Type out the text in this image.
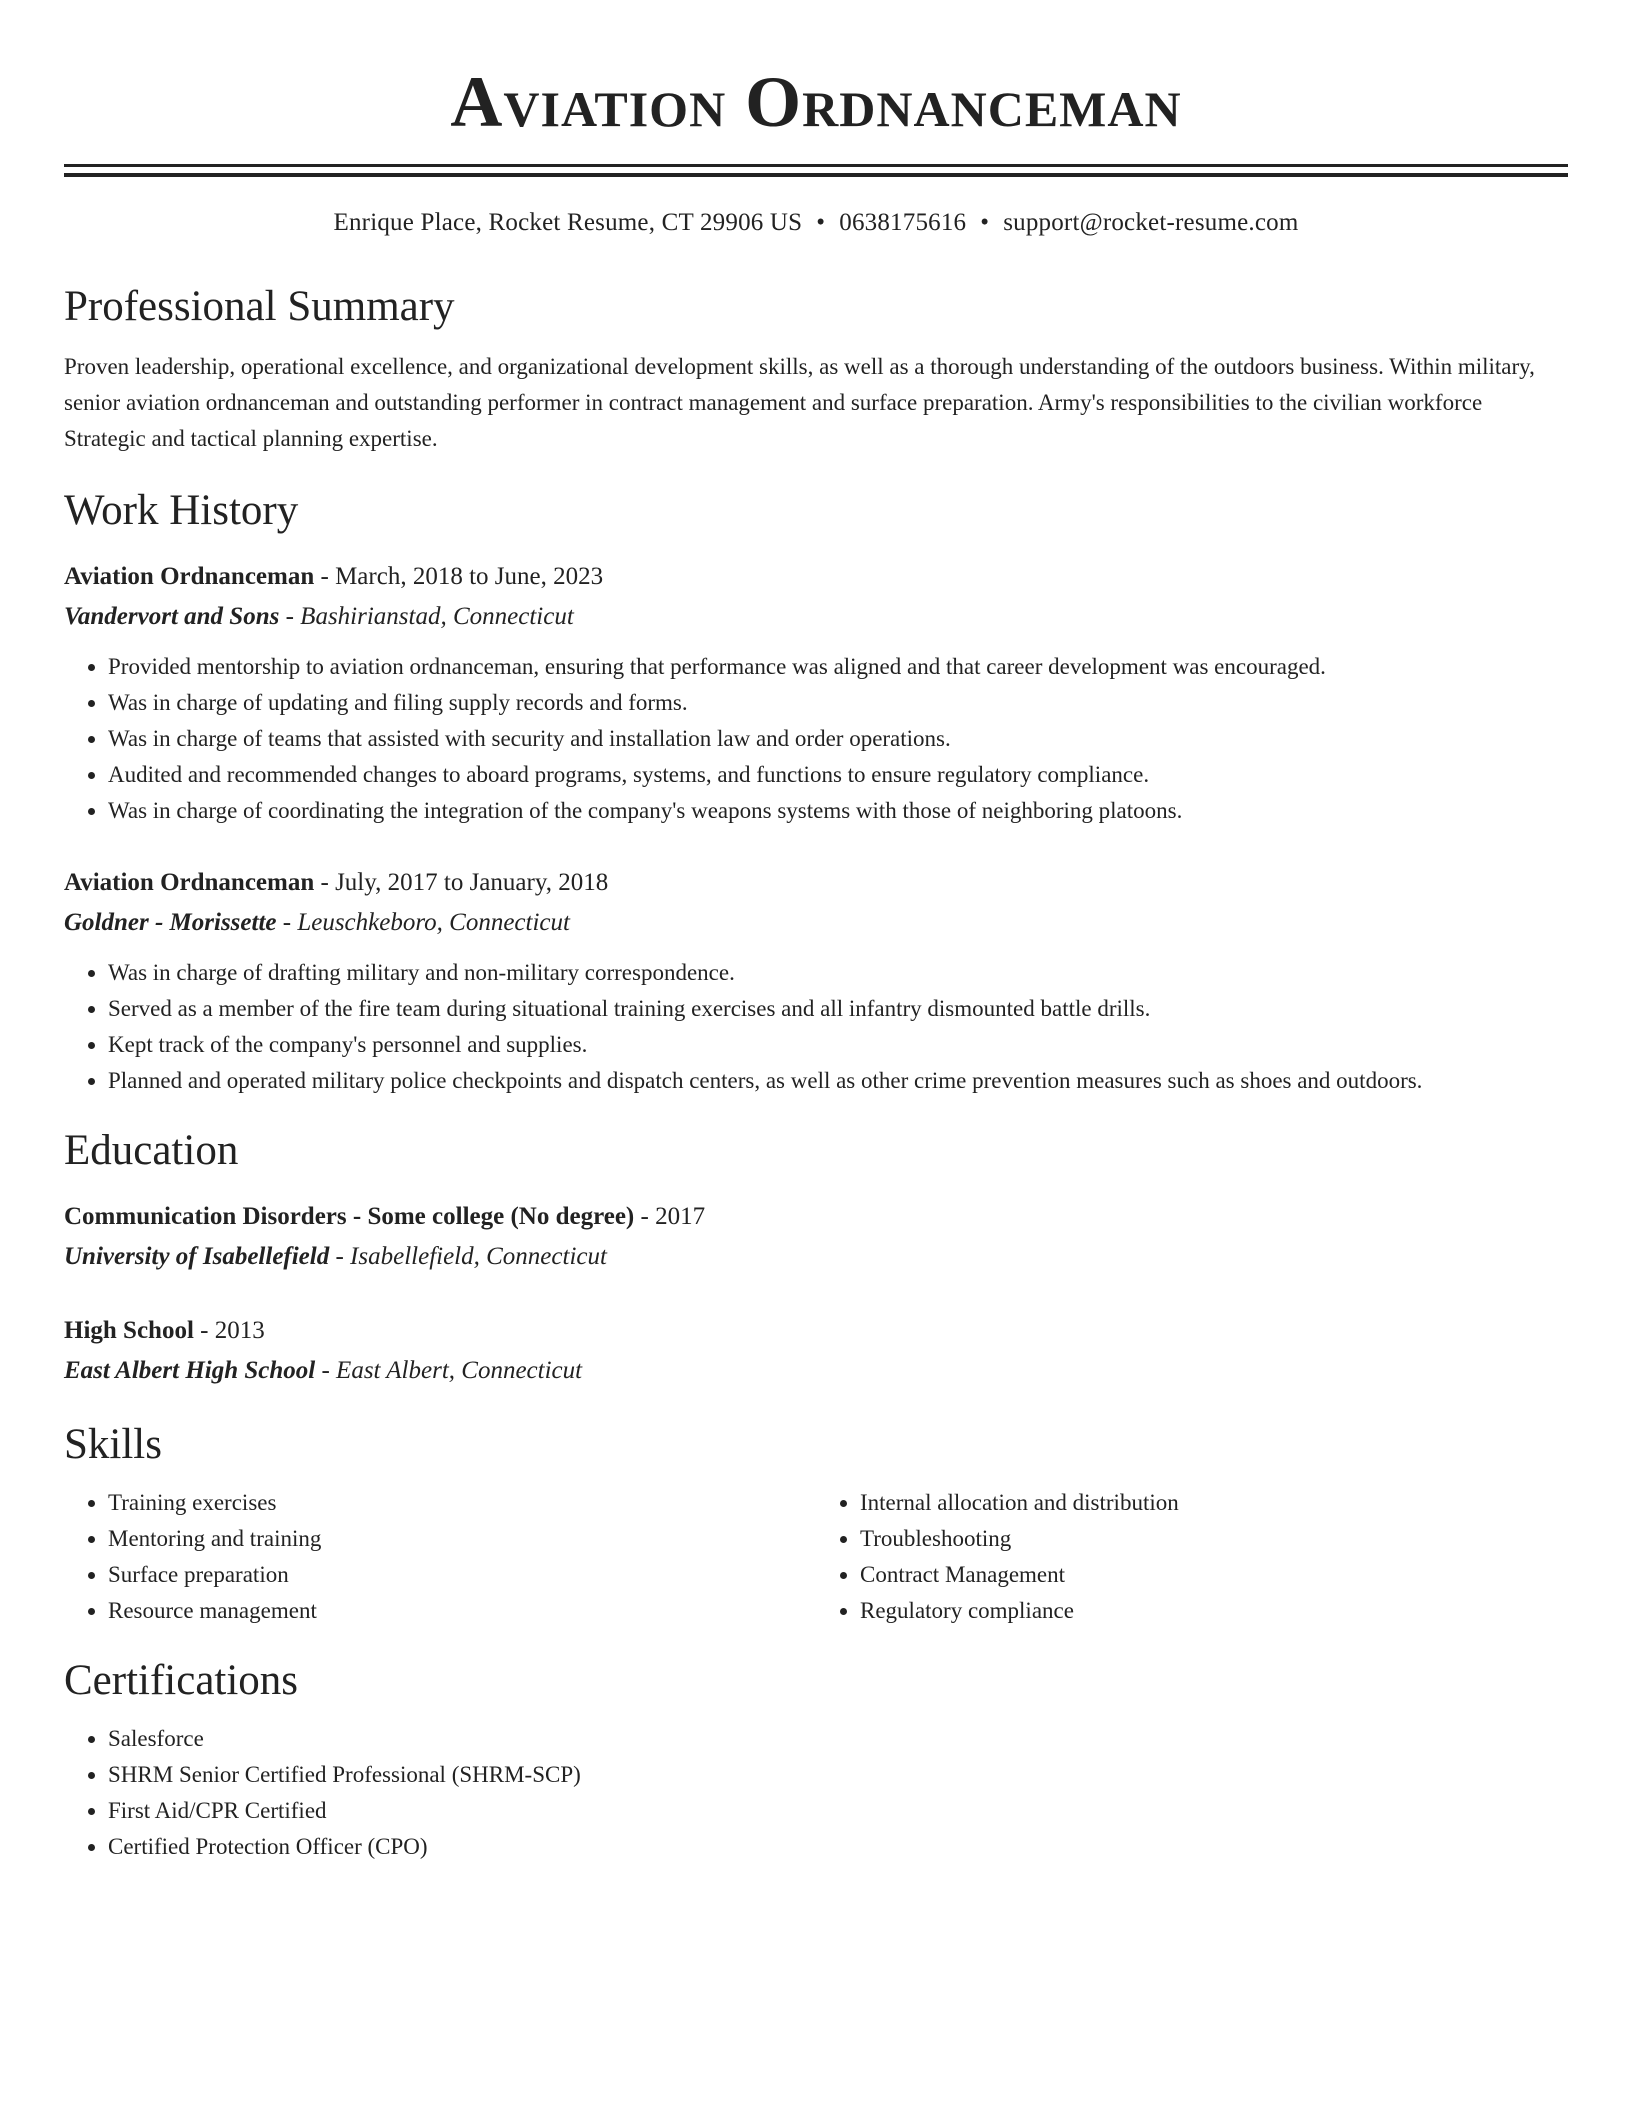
Aviation Ordnanceman
Enrique Place, Rocket Resume, CT 29906 US • 0638175616 • support@rocket-resume.com
Professional Summary

Proven leadership, operational excellence, and organizational development skills, as well as a thorough understanding of the outdoors business. Within military, senior aviation ordnanceman and outstanding performer in contract management and surface preparation. Army's responsibilities to the civilian workforce Strategic and tactical planning expertise.

Work History
Aviation Ordnanceman - March, 2018 to June, 2023
Vandervort and Sons - Bashirianstad, Connecticut
• Provided mentorship to aviation ordnanceman, ensuring that performance was aligned and that career development was encouraged.
• Was in charge of updating and filing supply records and forms.
• Was in charge of teams that assisted with security and installation law and order operations.
• Audited and recommended changes to aboard programs, systems, and functions to ensure regulatory compliance.
• Was in charge of coordinating the integration of the company's weapons systems with those of neighboring platoons.
Aviation Ordnanceman - July, 2017 to January, 2018
Goldner - Morissette - Leuschkeboro, Connecticut
• Was in charge of drafting military and non-military correspondence.
• Served as a member of the fire team during situational training exercises and all infantry dismounted battle drills.
• Kept track of the company's personnel and supplies.
• Planned and operated military police checkpoints and dispatch centers, as well as other crime prevention measures such as shoes and outdoors.
Education
Communication Disorders - Some college (No degree) - 2017
University of Isabellefield - Isabellefield, Connecticut
High School - 2013
East Albert High School - East Albert, Connecticut
Skills
• Training exercises
• Mentoring and training
• Surface preparation
• Resource management
• Internal allocation and distribution
• Troubleshooting
• Contract Management
• Regulatory compliance
Certifications
• Salesforce
• SHRM Senior Certified Professional (SHRM-SCP)
• First Aid/CPR Certified
• Certified Protection Officer (CPO)
